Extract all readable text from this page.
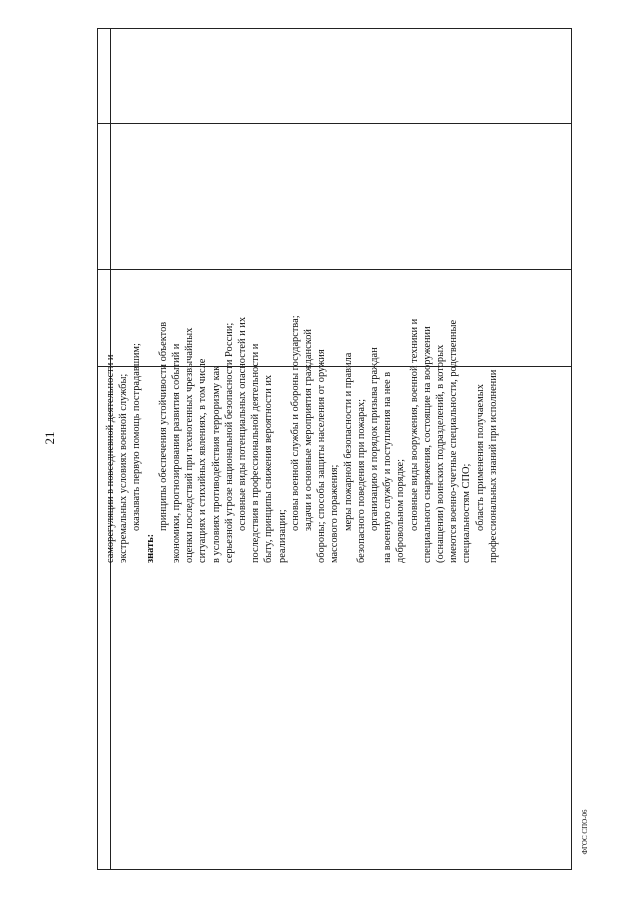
21
ФГОС СПО-06
саморегуляции в повседневной деятельности и экстремальных условиях военной службы; оказывать первую помощь пострадавшим;
знать:
принципы обеспечения устойчивости объектов экономики, прогнозирования развития событий и оценки последствий при техногенных чрезвычайных ситуациях и стихийных явлениях, в том числе в условиях противодействия терроризму как серьезной угрозе национальной безопасности России; основные виды потенциальных опасностей и их последствия в профессиональной деятельности и быту, принципы снижения вероятности их реализации;
основы военной службы и обороны государства; задачи и основные мероприятия гражданской обороны; способы защиты населения от оружия массового поражения; меры пожарной безопасности и правила безопасного поведения при пожарах; организацию и порядок призыва граждан на военную службу и поступления на нее в добровольном порядке; основные виды вооружения, военной техники и специального снаряжения, состоящие на вооружении (оснащении) воинских подразделений, в которых имеются военно-учетные специальности, родственные специальностям СПО; область применения получаемых профессиональных знаний при исполнении
